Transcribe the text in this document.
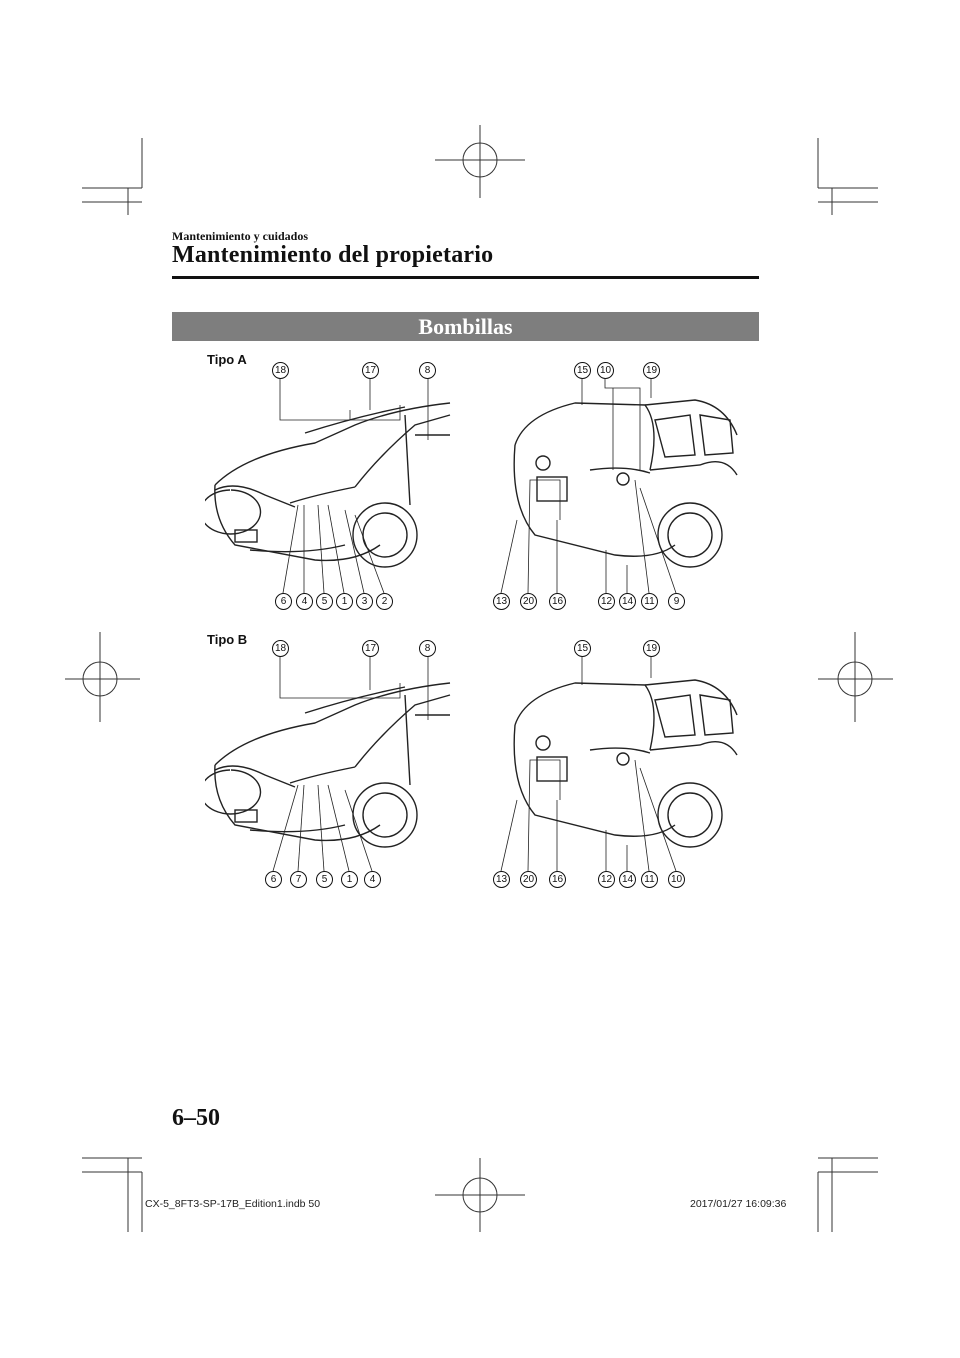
Mantenimiento y cuidados
Mantenimiento del propietario
Bombillas
Tipo A
18	17	8
6	4	5	1	3	2
15 10	19
13 20 16	12 14	11	9
Tipo B
18	17	8
6	7	5	1	4
15	19
13 20 16	12 14	11	10
6–50
CX-5_8FT3-SP-17B_Edition1.indb 50	2017/01/27 16:09:36
